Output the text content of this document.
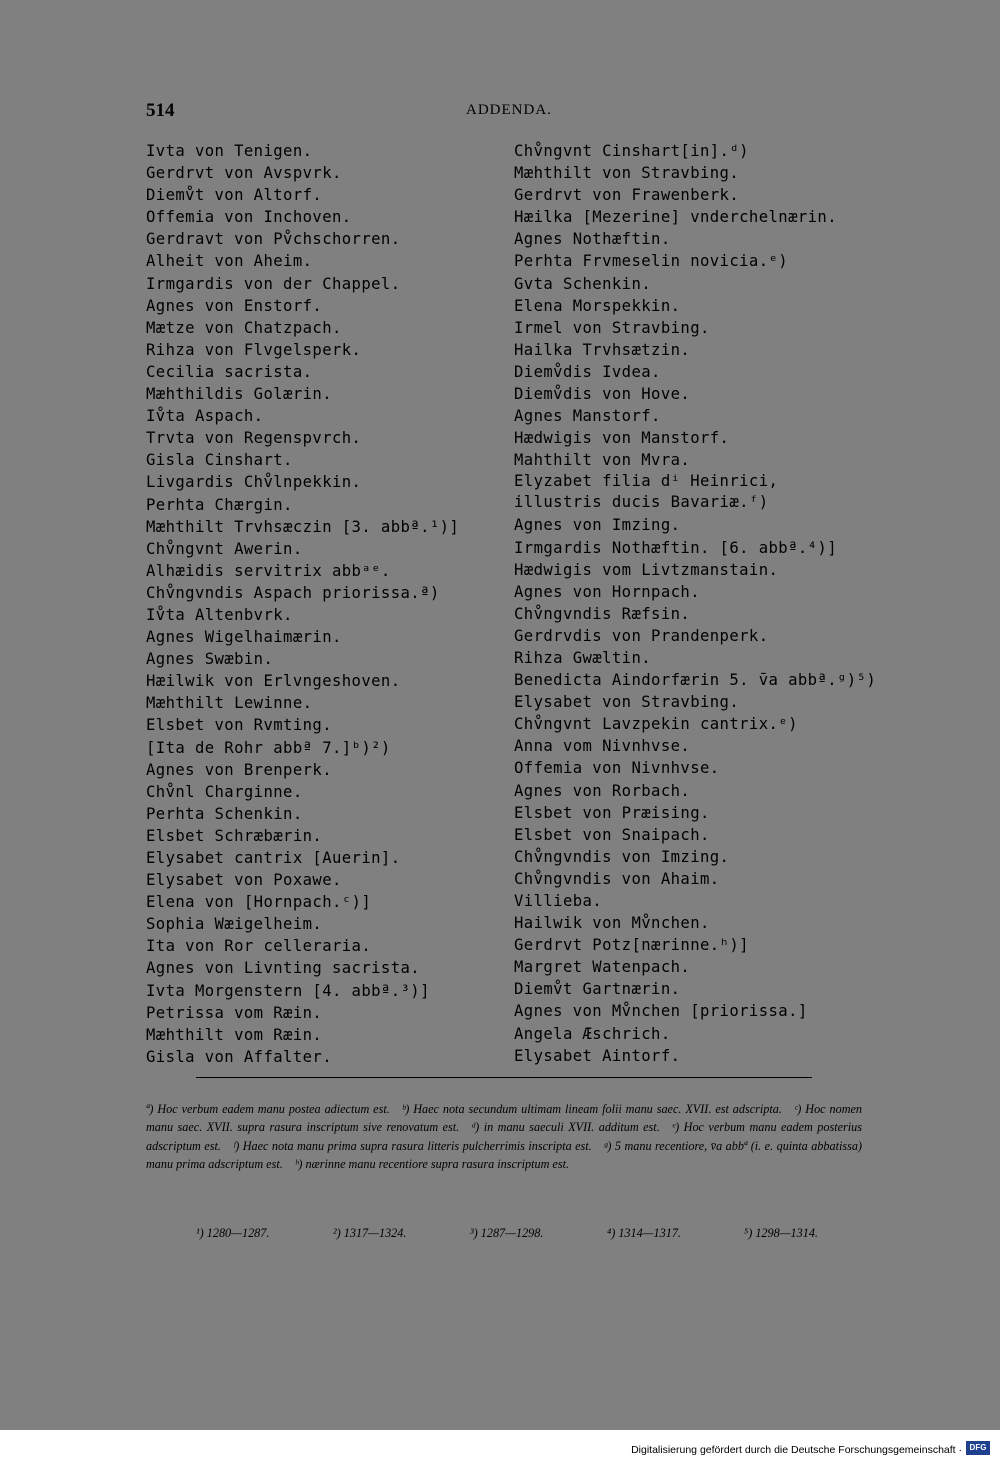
514	ADDENDA.
Ivta von Tenigen.
Gerdrvt von Avspvrk.
Diemv̊t von Altorf.
Offemia von Inchoven.
Gerdravt von Pv̊chschorren.
Alheit von Aheim.
Irmgardis von der Chappel.
Agnes von Enstorf.
Mætze von Chatzpach.
Rihza von Flvgelsperk.
Cecilia sacrista.
Mæhthildis Golærin.
Iv̊ta Aspach.
Trvta von Regenspvrch.
Gisla Cinshart.
Livgardis Chv̊lnpekkin.
Perhta Chærgin.
Mæhthilt Trvhsæczin [3. abbª.¹)]
Chv̊ngvnt Awerin.
Alhæidis servitrix abbᵃᵉ.
Chv̊ngvndis Aspach priorissa.ª)
Iv̊ta Altenbvrk.
Agnes Wigelhaimærin.
Agnes Swæbin.
Hæilwik von Erlvngeshoven.
Mæhthilt Lewinne.
Elsbet von Rvmting.
[Ita de Rohr abbª 7.]ᵇ)²)
Agnes von Brenperk.
Chv̊nl Charginne.
Perhta Schenkin.
Elsbet Schræbærin.
Elysabet cantrix [Auerin].
Elysabet von Poxawe.
Elena von [Hornpach.ᶜ)]
Sophia Wæigelheim.
Ita von Ror celleraria.
Agnes von Livnting sacrista.
Ivta Morgenstern [4. abbª.³)]
Petrissa vom Ræin.
Mæhthilt vom Ræin.
Gisla von Affalter.
Chv̊ngvnt Cinshart[in].ᵈ)
Mæhthilt von Stravbing.
Gerdrvt von Frawenberk.
Hæilka [Mezerine] vnderchelnærin.
Agnes Nothæftin.
Perhta Frvmeselin novicia.ᵉ)
Gvta Schenkin.
Elena Morspekkin.
Irmel von Stravbing.
Hailka Trvhsætzin.
Diemv̊dis Ivdea.
Diemv̊dis von Hove.
Agnes Manstorf.
Hædwigis von Manstorf.
Mahthilt von Mvra.
Elyzabet filia dⁱ Heinrici, illustris ducis Bavariæ.ᶠ)
Agnes von Imzing.
Irmgardis Nothæftin. [6. abbª.⁴)]
Hædwigis vom Livtzmanstain.
Agnes von Hornpach.
Chv̊ngvndis Ræfsin.
Gerdrvdis von Prandenperk.
Rihza Gwæltin.
Benedicta Aindorfærin 5. v̄a abbª.ᵍ)⁵)
Elysabet von Stravbing.
Chv̊ngvnt Lavzpekin cantrix.ᵉ)
Anna vom Nivnhvse.
Offemia von Nivnhvse.
Agnes von Rorbach.
Elsbet von Præising.
Elsbet von Snaipach.
Chv̊ngvndis von Imzing.
Chv̊ngvndis von Ahaim.
Villieba.
Hailwik von Mv̊nchen.
Gerdrvt Potz[nærinne.ʰ)]
Margret Watenpach.
Diemv̊t Gartnærin.
Agnes von Mv̊nchen [priorissa.]
Angela Æschrich.
Elysabet Aintorf.
ª) Hoc verbum eadem manu postea adiectum est. ᵇ) Haec nota secundum ultimam lineam folii manu saec. XVII. est adscripta. ᶜ) Hoc nomen manu saec. XVII. supra rasura inscriptum sive renovatum est. ᵈ) in manu saeculi XVII. additum est. ᵉ) Hoc verbum manu eadem posterius adscriptum est. ᶠ) Haec nota manu prima supra rasura litteris pulcherrimis inscripta est. ᵍ) 5 manu recentiore, v̄a abbª (i. e. quinta abbatissa) manu prima adscriptum est. ʰ) nærinne manu recentiore supra rasura inscriptum est.
¹) 1280—1287.	²) 1317—1324.	³) 1287—1298.	⁴) 1314—1317.	⁵) 1298—1314.
Digitalisierung gefördert durch die Deutsche Forschungsgemeinschaft · DFG
